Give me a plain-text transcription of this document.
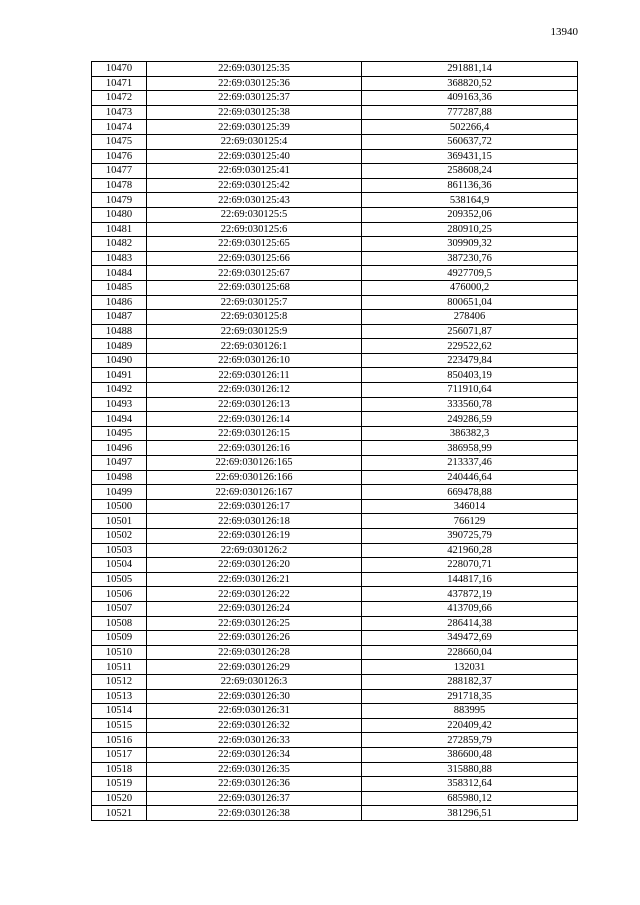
13940
10470	22:69:030125:35	291881,14
10471	22:69:030125:36	368820,52
10472	22:69:030125:37	409163,36
10473	22:69:030125:38	777287,88
10474	22:69:030125:39	502266,4
10475	22:69:030125:4	560637,72
10476	22:69:030125:40	369431,15
10477	22:69:030125:41	258608,24
10478	22:69:030125:42	861136,36
10479	22:69:030125:43	538164,9
10480	22:69:030125:5	209352,06
10481	22:69:030125:6	280910,25
10482	22:69:030125:65	309909,32
10483	22:69:030125:66	387230,76
10484	22:69:030125:67	4927709,5
10485	22:69:030125:68	476000,2
10486	22:69:030125:7	800651,04
10487	22:69:030125:8	278406
10488	22:69:030125:9	256071,87
10489	22:69:030126:1	229522,62
10490	22:69:030126:10	223479,84
10491	22:69:030126:11	850403,19
10492	22:69:030126:12	711910,64
10493	22:69:030126:13	333560,78
10494	22:69:030126:14	249286,59
10495	22:69:030126:15	386382,3
10496	22:69:030126:16	386958,99
10497	22:69:030126:165	213337,46
10498	22:69:030126:166	240446,64
10499	22:69:030126:167	669478,88
10500	22:69:030126:17	346014
10501	22:69:030126:18	766129
10502	22:69:030126:19	390725,79
10503	22:69:030126:2	421960,28
10504	22:69:030126:20	228070,71
10505	22:69:030126:21	144817,16
10506	22:69:030126:22	437872,19
10507	22:69:030126:24	413709,66
10508	22:69:030126:25	286414,38
10509	22:69:030126:26	349472,69
10510	22:69:030126:28	228660,04
10511	22:69:030126:29	132031
10512	22:69:030126:3	288182,37
10513	22:69:030126:30	291718,35
10514	22:69:030126:31	883995
10515	22:69:030126:32	220409,42
10516	22:69:030126:33	272859,79
10517	22:69:030126:34	386600,48
10518	22:69:030126:35	315880,88
10519	22:69:030126:36	358312,64
10520	22:69:030126:37	685980,12
10521	22:69:030126:38	381296,51
